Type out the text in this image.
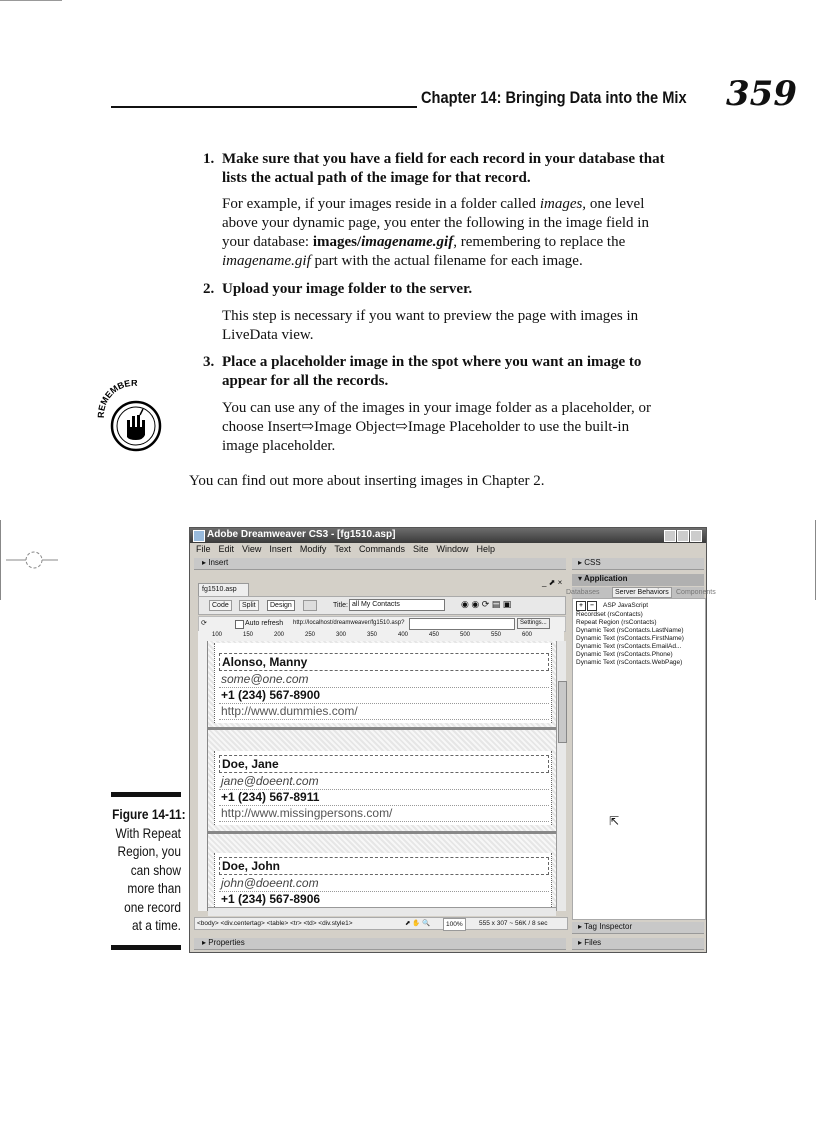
Chapter 14: Bringing Data into the Mix 359
1. Make sure that you have a field for each record in your database that
lists the actual path of the image for that record.
For example, if your images reside in a folder called images, one level
above your dynamic page, you enter the following in the image field in
your database: images/imagename.gif, remembering to replace the
imagename.gif part with the actual filename for each image.
2. Upload your image folder to the server.
This step is necessary if you want to preview the page with images in
LiveData view.
3. Place a placeholder image in the spot where you want an image to
appear for all the records.
You can use any of the images in your image folder as a placeholder, or
choose Insert⇨Image Object⇨Image Placeholder to use the built-in
image placeholder.
REMEMBER
You can find out more about inserting images in Chapter 2.
Figure 14-11:
With Repeat
Region, you
can show
more than
one record
at a time.
Adobe Dreamweaver CS3 - [fg1510.asp]
File Edit View Insert Modify Text Commands Site Window Help
▸ Insert
fg1510.asp
_ ⬈ ×
Code	Split	Design	Title: all My Contacts	◉ ◉ ⟳ ▤ ▣
⟳	Auto refresh http://localhost/dreamweaver/fg1510.asp?	Settings...
100	150	200	250	300	350	400	450	500	550	600
Alonso, Manny
some@one.com
+1 (234) 567-8900
http://www.dummies.com/
Doe, Jane
jane@doeent.com
+1 (234) 567-8911
http://www.missingpersons.com/
Doe, John
john@doeent.com
+1 (234) 567-8906
<body> <div.centertag> <table> <tr> <td> <div.style1>	⬈ ✋ 🔍	100%	555 x 307 ~ 56K / 8 sec
▸ Properties
▸ CSS
▾ Application
Databases	Server Behaviors	Components
+	−	ASP JavaScript
Recordset (rsContacts)
Repeat Region (rsContacts)
Dynamic Text (rsContacts.LastName)
Dynamic Text (rsContacts.FirstName)
Dynamic Text (rsContacts.EmailAd...
Dynamic Text (rsContacts.Phone)
Dynamic Text (rsContacts.WebPage)
⇱
▸ Tag Inspector
▸ Files
